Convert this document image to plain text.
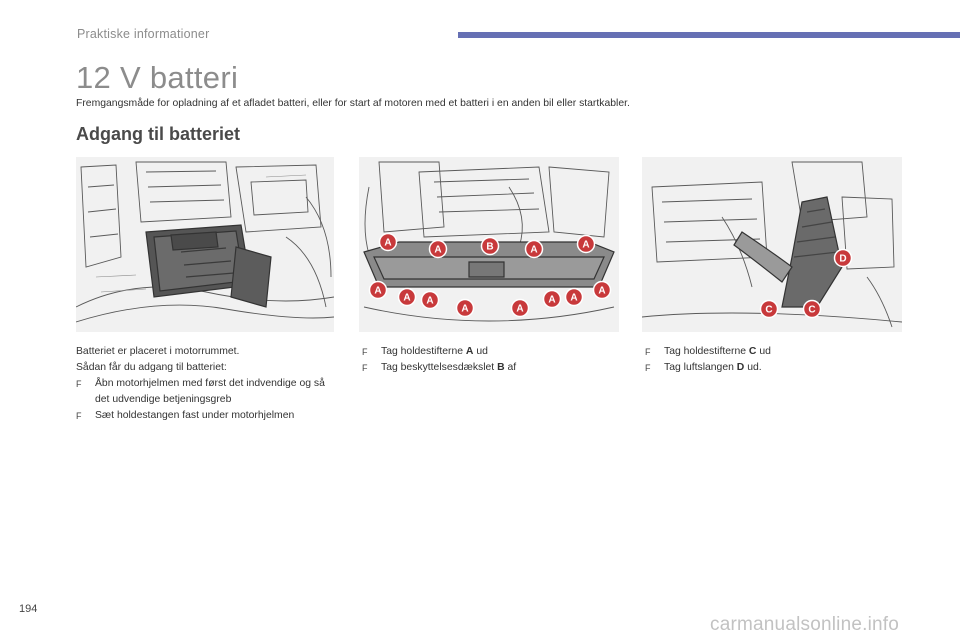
Praktiske informationer
12 V batteri
Fremgangsmåde for opladning af et afladet batteri, eller for start af motoren med et batteri i en anden bil eller startkabler.
Adgang til batteriet
A
A	B	A	A
A
A A
A	A
A A
A
D
C	C

Batteriet er placeret i motorrummet.

Sådan får du adgang til batteriet:

F	Åbn motorhjelmen med først det indvendige og så det udvendige betjeningsgreb
F	Sæt holdestangen fast under motorhjelmen
F	Tag holdestifterne A ud
F	Tag beskyttelsesdækslet B af
F	Tag holdestifterne C ud
F	Tag luftslangen D ud.
194
carmanualsonline.info
